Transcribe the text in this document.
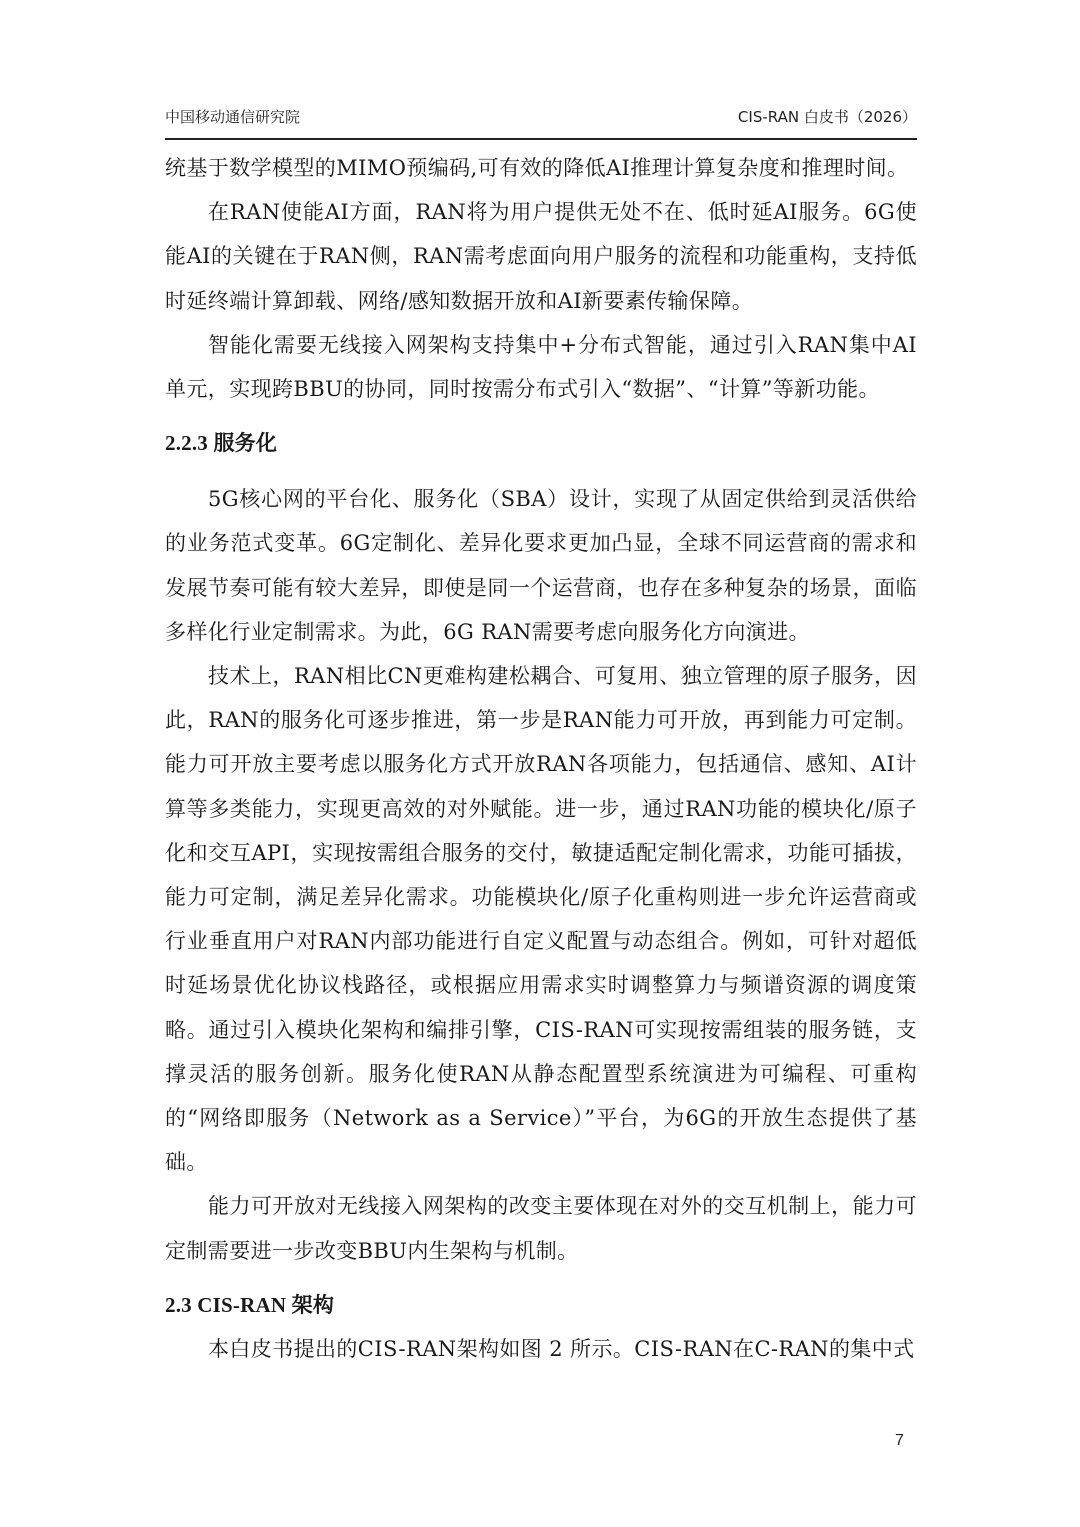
中国移动通信研究院	CIS-RAN 白皮书（2026）

统基于数学模型的MIMO预编码,可有效的降低AI推理计算复杂度和推理时间。

在RAN使能AI方面，RAN将为用户提供无处不在、低时延AI服务。6G使能AI的关键在于RAN侧，RAN需考虑面向用户服务的流程和功能重构，支持低时延终端计算卸载、网络/感知数据开放和AI新要素传输保障。

智能化需要无线接入网架构支持集中+分布式智能，通过引入RAN集中AI单元，实现跨BBU的协同，同时按需分布式引入“数据”、“计算”等新功能。

2.2.3 服务化

5G核心网的平台化、服务化（SBA）设计，实现了从固定供给到灵活供给的业务范式变革。6G定制化、差异化要求更加凸显，全球不同运营商的需求和发展节奏可能有较大差异，即使是同一个运营商，也存在多种复杂的场景，面临多样化行业定制需求。为此，6G RAN需要考虑向服务化方向演进。

技术上，RAN相比CN更难构建松耦合、可复用、独立管理的原子服务，因此，RAN的服务化可逐步推进，第一步是RAN能力可开放，再到能力可定制。能力可开放主要考虑以服务化方式开放RAN各项能力，包括通信、感知、AI计算等多类能力，实现更高效的对外赋能。进一步，通过RAN功能的模块化/原子化和交互API，实现按需组合服务的交付，敏捷适配定制化需求，功能可插拔，能力可定制，满足差异化需求。功能模块化/原子化重构则进一步允许运营商或行业垂直用户对RAN内部功能进行自定义配置与动态组合。例如，可针对超低时延场景优化协议栈路径，或根据应用需求实时调整算力与频谱资源的调度策略。通过引入模块化架构和编排引擎，CIS-RAN可实现按需组装的服务链，支撑灵活的服务创新。服务化使RAN从静态配置型系统演进为可编程、可重构的“网络即服务（Network as a Service）”平台，为6G的开放生态提供了基础。

能力可开放对无线接入网架构的改变主要体现在对外的交互机制上，能力可定制需要进一步改变BBU内生架构与机制。

2.3 CIS-RAN 架构

本白皮书提出的CIS-RAN架构如图 2 所示。CIS-RAN在C-RAN的集中式

7
